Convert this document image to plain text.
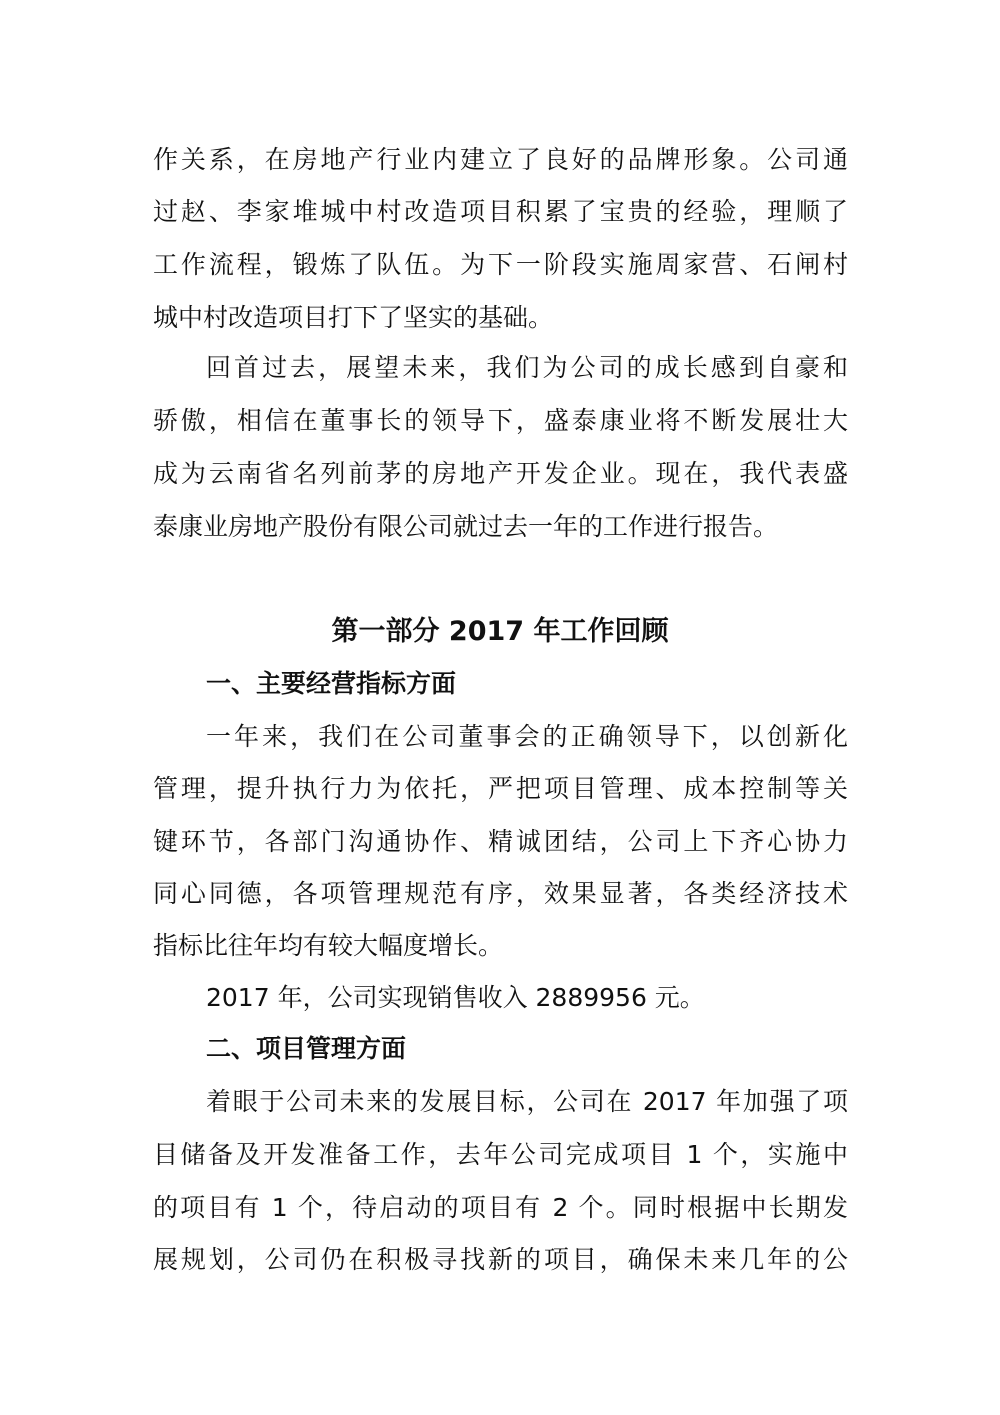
作关系，在房地产行业内建立了良好的品牌形象。公司通
过赵、李家堆城中村改造项目积累了宝贵的经验，理顺了
工作流程，锻炼了队伍。为下一阶段实施周家营、石闸村
城中村改造项目打下了坚实的基础。
回首过去，展望未来，我们为公司的成长感到自豪和
骄傲，相信在董事长的领导下，盛泰康业将不断发展壮大
成为云南省名列前茅的房地产开发企业。现在，我代表盛
泰康业房地产股份有限公司就过去一年的工作进行报告。
第一部分 2017 年工作回顾
一、主要经营指标方面
一年来，我们在公司董事会的正确领导下，以创新化
管理，提升执行力为依托，严把项目管理、成本控制等关
键环节，各部门沟通协作、精诚团结，公司上下齐心协力
同心同德，各项管理规范有序，效果显著，各类经济技术
指标比往年均有较大幅度增长。
2017 年，公司实现销售收入 2889956 元。
二、项目管理方面
着眼于公司未来的发展目标，公司在 2017 年加强了项
目储备及开发准备工作，去年公司完成项目 1 个，实施中
的项目有 1 个，待启动的项目有 2 个。同时根据中长期发
展规划，公司仍在积极寻找新的项目，确保未来几年的公
